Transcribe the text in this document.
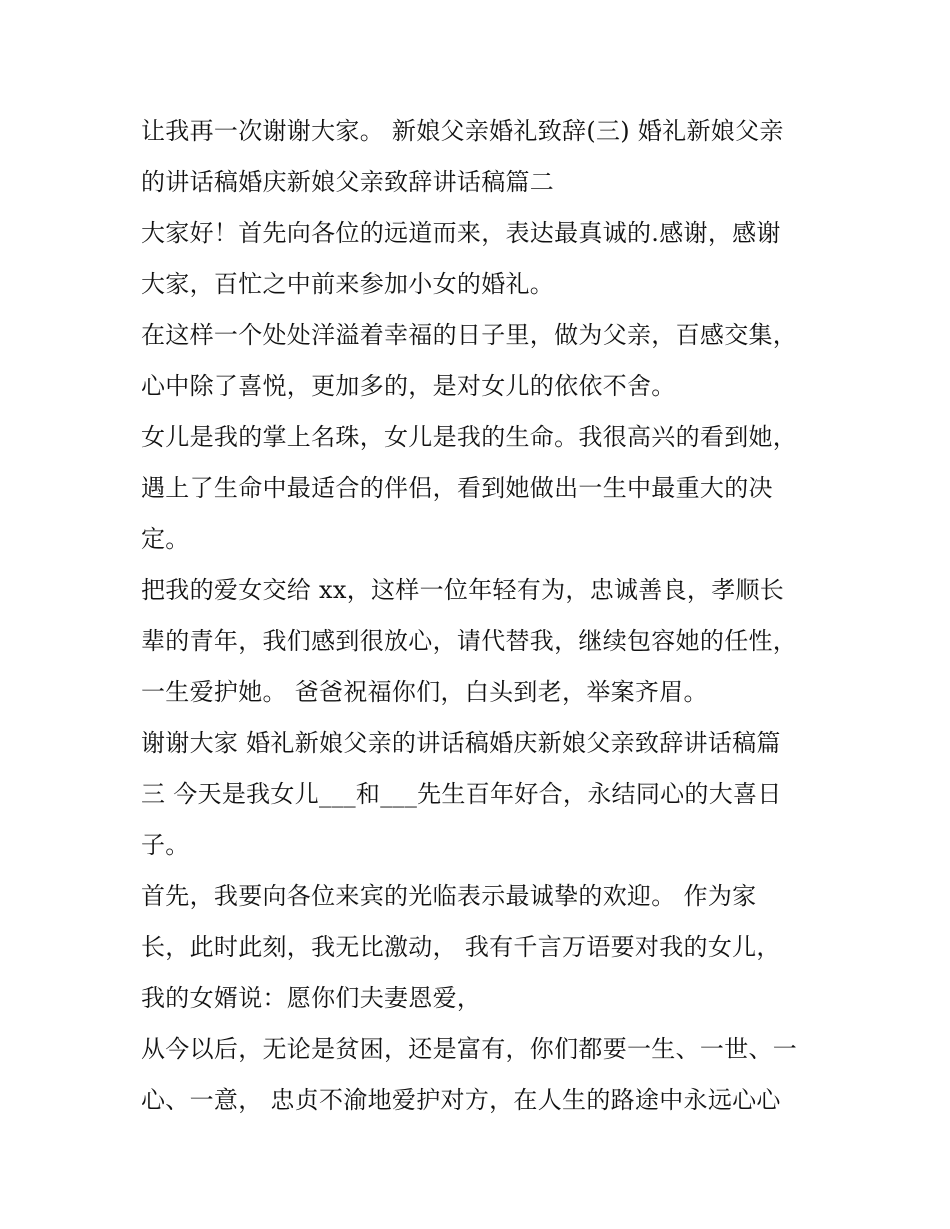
让我再一次谢谢大家。 新娘父亲婚礼致辞(三) 婚礼新娘父亲
的讲话稿婚庆新娘父亲致辞讲话稿篇二
大家好！首先向各位的远道而来，表达最真诚的.感谢，感谢
大家，百忙之中前来参加小女的婚礼。
在这样一个处处洋溢着幸福的日子里，做为父亲，百感交集，
心中除了喜悦，更加多的，是对女儿的依依不舍。
女儿是我的掌上名珠，女儿是我的生命。我很高兴的看到她，
遇上了生命中最适合的伴侣，看到她做出一生中最重大的决
定。
把我的爱女交给 xx，这样一位年轻有为，忠诚善良，孝顺长
辈的青年，我们感到很放心，请代替我，继续包容她的任性，
一生爱护她。 爸爸祝福你们，白头到老，举案齐眉。
谢谢大家 婚礼新娘父亲的讲话稿婚庆新娘父亲致辞讲话稿篇
三 今天是我女儿___和___先生百年好合，永结同心的大喜日
子。
首先，我要向各位来宾的光临表示最诚挚的欢迎。 作为家
长，此时此刻，我无比激动， 我有千言万语要对我的女儿，
我的女婿说：愿你们夫妻恩爱，
从今以后，无论是贫困，还是富有，你们都要一生、一世、一
心、一意， 忠贞不渝地爱护对方，在人生的路途中永远心心
